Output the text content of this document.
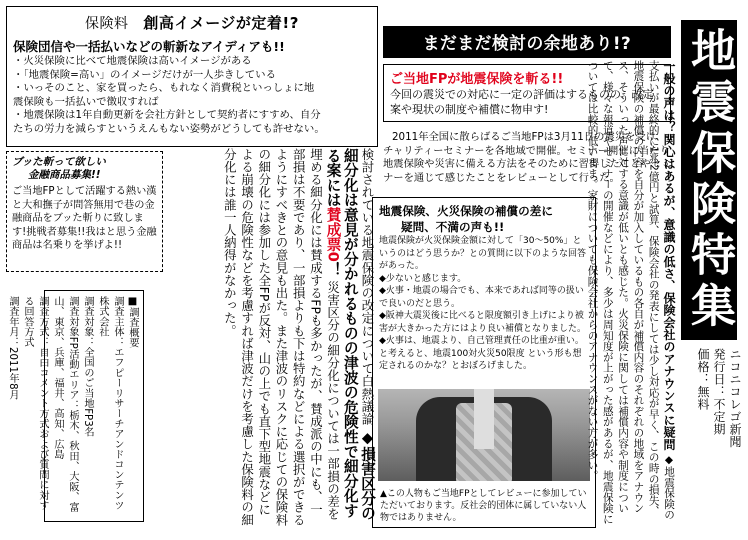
保険料 創高イメージが定着!?
保険団信や一括払いなどの斬新なアイディアも!!

・火災保険に比べて地震保険は高いイメージがある

・「地震保険=高い」のイメージだけが一人歩きしている

・いっそのこと、家を買ったら、もれなく消費税といっしょに地

震保険も一括払いで徴収すれば

・地震保険は1年自動更新を会社方針として契約者にすすめ、自分

たちの労力を減らすというえんもない姿勢がどうしても許せない。

ブッた斬って欲しい
金融商品募集!!
ご当地FPとして活躍する熱い漢と大和撫子が問答無用で巷の金融商品をブッた斬りに致します!挑戦者募集!!我はと思う金融商品は名乗りを挙げよ!!
■調査概要
調査主体：エフピーリサーチアンドコンテンツ株式会社
調査対象：全国のご当地FP3名
調査対象FP活動エリア：栃木、秋田、大阪、富山、東京、兵庫、福井、高知、広島
調査方式：自由コメント方式および質問に対する回答方式
調査年月：2011年8月	検討されている地震保険の改定について白熱議論 ◆損害区分の細分化は意見が分かれるものの津波の危険性で細分化する案には賛成票0！ 災害区分の細分化については一部損の差を埋める細分化には賛成するFPも多かったが、賛成派の中にも、一部損は不要であり、一部損よりも下は特約などによる選択ができるようにすべきとの意見も出た。また津波のリスクに応じての保険料の細分化には参加した全FPが反対、山の上でも直下型地震などによる崩壊の危険性などを考慮すれば津波だけを考慮した保険料の細分化には誰一人納得がなかった。
まだまだ検討の余地あり!?
ご当地FPが地震保険を斬る!!
今回の震災での対応に一定の評価はするものの、改定案や現状の制度や補償に物申す!
2011年全国に散らばるご当地FPは3月11日の震災を受け、チャリティーセミナーを各地域で開催。セミナー開催に当たり地震保険や災害に備える方法をそのために習得したことやセミナーを通じて感じたことをレビューとして行った。
地震保険、火災保険の補償の差に
疑問、不満の声も!!

地震保険が火災保険金額に対して「30〜50%」というのはどう思うか？との質問に以下のような回答があった。

◆少ないと感じます。

◆火事・地震の場合でも、本来であれば同等の扱いで良いのだと思う。

◆阪神大震災後に比べると限度額引き上げにより被害が大きかった方にはより良い補償となりました。

◆火事は、地震より、自己管理責任の比重が重い。と考えると、地震100対火災50限度 という形も想定されるのかな？とおぼろげました。

▲この人物もご当地FPとしてレビューに参加していただいております。反社会的団体に属していない人物ではありません。
一般の声は？関心はあるが、意識の低さ、保険会社のアナウンスに疑問 ◆地震保険の支払いが最終的に1兆2億円と試算、保険会社の発表にしては少し対応が早く、この時の損失、地震保険の補償の内容を自分が加入しているもの各自が補償内容のそれぞれの地域をアナウンス、そういった声に対する意識が低いとも感じた。火災保険に関しては補償内容や制度について、様々な報道やセミナーの開催などにより、多少は周知度が上がった感があるが、地震保険については比較的低いまま。家財についても保険会社からのアナウンスがない方が多い。	地震保険特集
ニコニコレゴ新聞
発行日：不定期
価格：無料
